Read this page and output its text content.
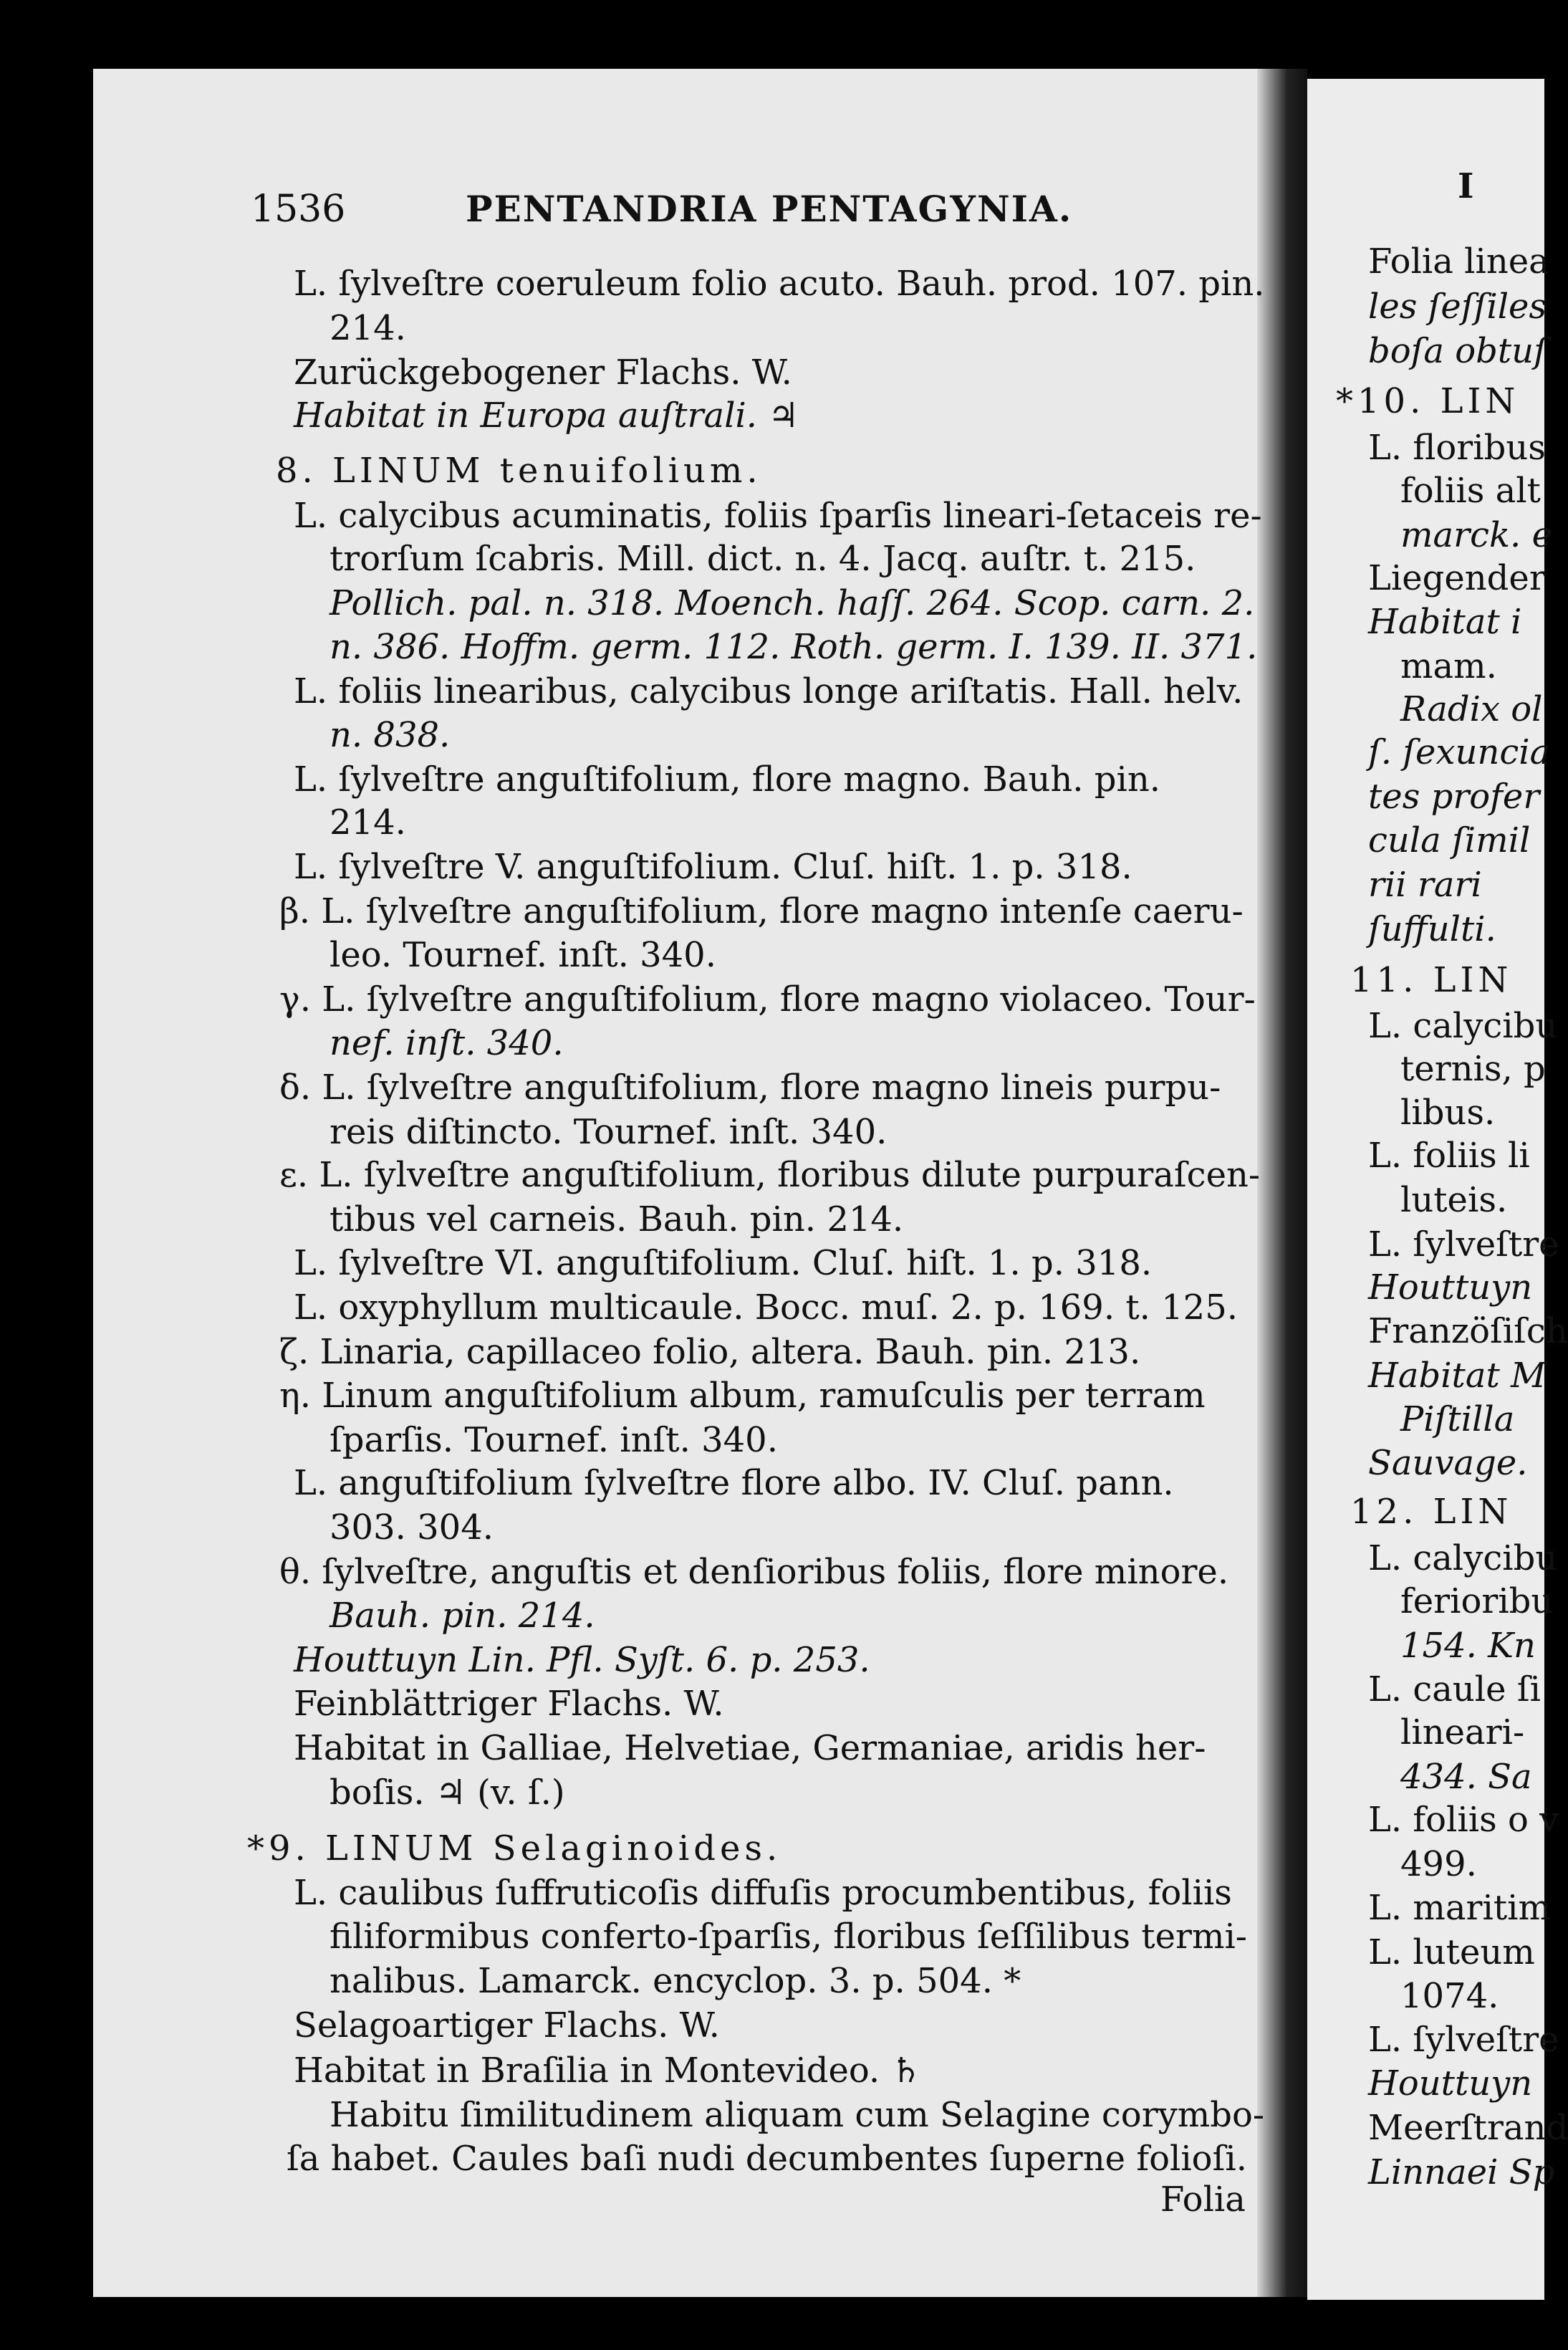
I
Folia linea
les ſeſſiles
boſa obtuſ
*10. LIN
L. floribus
foliis alt
marck. e
Liegender
Habitat i
mam.
Radix ol
ſ. ſexuncia
tes profer
cula ſimil
rii rari
ſuffulti.
11. LIN
L. calycibu
ternis, p
libus.
L. foliis li
luteis.
L. ſylveſtre
Houttuyn
Franzöſiſch
Habitat M
Piſtilla
Sauvage.
12. LIN
L. calycibu
ferioribu
154. Kn
L. caule ſi
lineari-
434. Sa
L. foliis o v
499.
L. maritim
L. luteum
1074.
L. ſylveſtre
Houttuyn
Meerſtrand
Linnaei Sp
1536	PENTANDRIA PENTAGYNIA.
L. ſylveſtre coeruleum folio acuto. Bauh. prod. 107. pin.
214.
Zurückgebogener Flachs. W.
Habitat in Europa auſtrali. ♃
8. LINUM tenuifolium.
L. calycibus acuminatis, foliis ſparſis lineari-ſetaceis re-
trorſum ſcabris. Mill. dict. n. 4. Jacq. auſtr. t. 215.
Pollich. pal. n. 318. Moench. haſſ. 264. Scop. carn. 2.
n. 386. Hoffm. germ. 112. Roth. germ. I. 139. II. 371.
L. foliis linearibus, calycibus longe ariſtatis. Hall. helv.
n. 838.
L. ſylveſtre anguſtifolium, flore magno. Bauh. pin.
214.
L. ſylveſtre V. anguſtifolium. Cluſ. hiſt. 1. p. 318.
β. L. ſylveſtre anguſtifolium, flore magno intenſe caeru-
leo. Tournef. inſt. 340.
γ. L. ſylveſtre anguſtifolium, flore magno violaceo. Tour-
nef. inſt. 340.
δ. L. ſylveſtre anguſtifolium, flore magno lineis purpu-
reis diſtincto. Tournef. inſt. 340.
ε. L. ſylveſtre anguſtifolium, floribus dilute purpuraſcen-
tibus vel carneis. Bauh. pin. 214.
L. ſylveſtre VI. anguſtifolium. Cluſ. hiſt. 1. p. 318.
L. oxyphyllum multicaule. Bocc. muſ. 2. p. 169. t. 125.
ζ. Linaria, capillaceo folio, altera. Bauh. pin. 213.
η. Linum anguſtifolium album, ramuſculis per terram
ſparſis. Tournef. inſt. 340.
L. anguſtifolium ſylveſtre flore albo. IV. Cluſ. pann.
303. 304.
θ. ſylveſtre, anguſtis et denſioribus foliis, flore minore.
Bauh. pin. 214.
Houttuyn Lin. Pfl. Syſt. 6. p. 253.
Feinblättriger Flachs. W.
Habitat in Galliae, Helvetiae, Germaniae, aridis her-
boſis. ♃ (v. ſ.)
*9. LINUM Selaginoides.
L. caulibus ſuffruticoſis diffuſis procumbentibus, foliis
filiformibus conferto-ſparſis, floribus ſeſſilibus termi-
nalibus. Lamarck. encyclop. 3. p. 504. *
Selagoartiger Flachs. W.
Habitat in Braſilia in Montevideo. ♄
Habitu ſimilitudinem aliquam cum Selagine corymbo-
ſa habet. Caules baſi nudi decumbentes ſuperne folioſi.
Folia
